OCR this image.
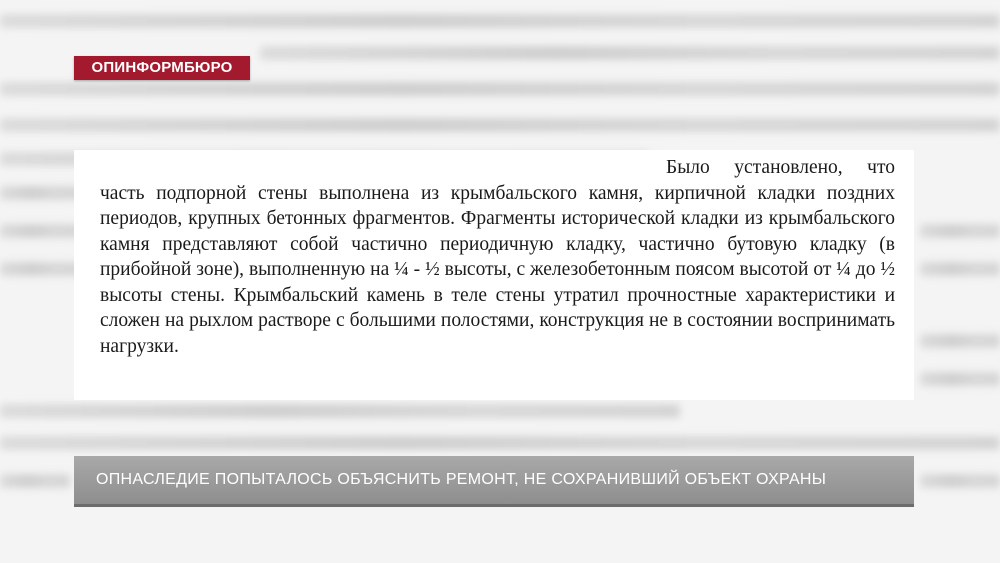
ОПИНФОРМБЮРО

Было установлено, что часть подпорной стены выполнена из крымбальского камня, кирпичной кладки поздних периодов, крупных бетонных фрагментов. Фрагменты исторической кладки из крымбальского камня представляют собой частично периодичную кладку, частично бутовую кладку (в прибойной зоне), выполненную на ¼ - ½ высоты, с железобетонным поясом высотой от ¼ до ½ высоты стены. Крымбальский камень в теле стены утратил прочностные характеристики и сложен на рыхлом растворе с большими полостями, конструкция не в состоянии воспринимать нагрузки.

ОПНАСЛЕДИЕ ПОПЫТАЛОСЬ ОБЪЯСНИТЬ РЕМОНТ, НЕ СОХРАНИВШИЙ ОБЪЕКТ ОХРАНЫ
